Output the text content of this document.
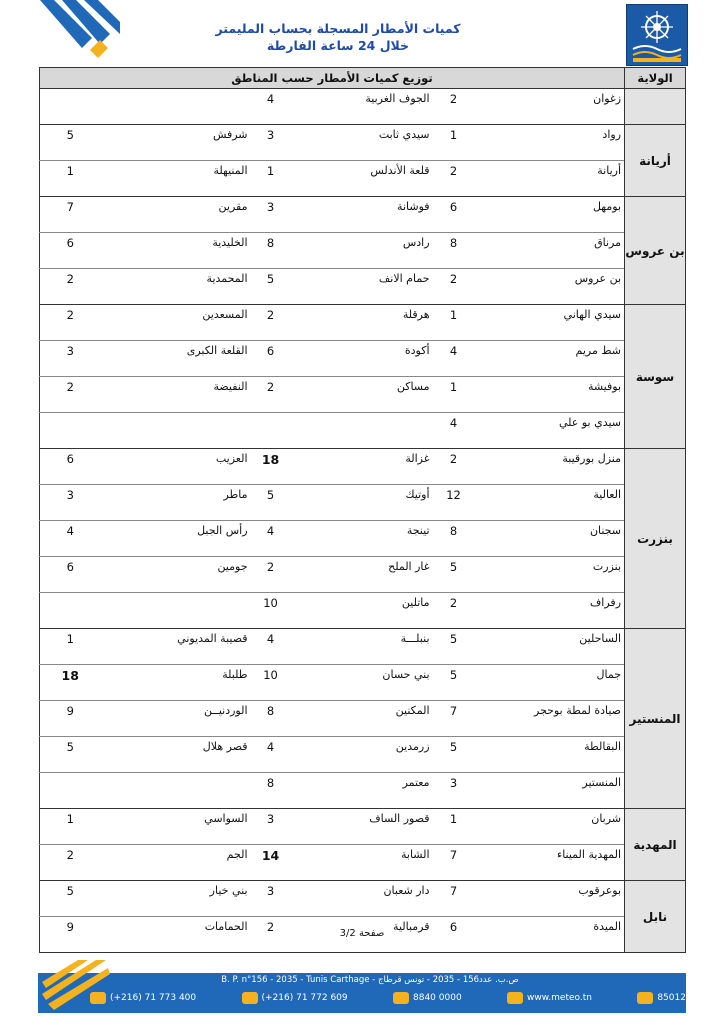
كميات الأمطار المسجلة بحساب المليمتر
خلال 24 ساعة الفارطة
الولاية	توزيع كميات الأمطار حسب المناطق					
	زغوان	2	الجوف الغربية	4		
أريانة	رواد	1	سيدي ثابت	3	شرفش	5
	أريانة	2	قلعة الأندلس	1	المنيهلة	1
بن عروس	بومهل	6	فوشانة	3	مقرين	7
	مرناق	8	رادس	8	الخليدية	6
	بن عروس	2	حمام الانف	5	المحمدية	2
سوسة	سيدي الهاني	1	هرقلة	2	المسعدين	2
	شط مريم	4	أكودة	6	القلعة الكبرى	3
	بوفيشة	1	مساكن	2	النفيضة	2
	سيدي بو علي	4				
بنزرت	منزل بورقيبة	2	غزالة	18	العزيب	6
	العالية	12	أوتيك	5	ماطر	3
	سجنان	8	تينجة	4	رأس الجبل	4
	بنزرت	5	غار الملح	2	جومين	6
	رفراف	2	ماتلين	10		
المنستير	الساحلين	5	بنبلـــة	4	قصيبة المديوني	1
	جمال	5	بني حسان	10	طلبلة	18
	صيادة لمطة بوحجر	7	المكنين	8	الوردنيــن	9
	البقالطة	5	زرمدين	4	قصر هلال	5
	المنستير	3	معتمر	8		
المهدية	شربان	1	قصور الساف	3	السواسي	1
	المهدية الميناء	7	الشابة	14	الجم	2
نابل	بوعرقوب	7	دار شعبان	3	بني خيار	5
	الميدة	6	قرمبالية	2	الحمامات	9	صفحة 3/2
B. P. n°156 - 2035 - Tunis Carthage - ص.ب. عدد156 - 2035 - تونس قرطاج
(+216) 71 773 400	(+216) 71 772 609	8840 0000	www.meteo.tn	85012
